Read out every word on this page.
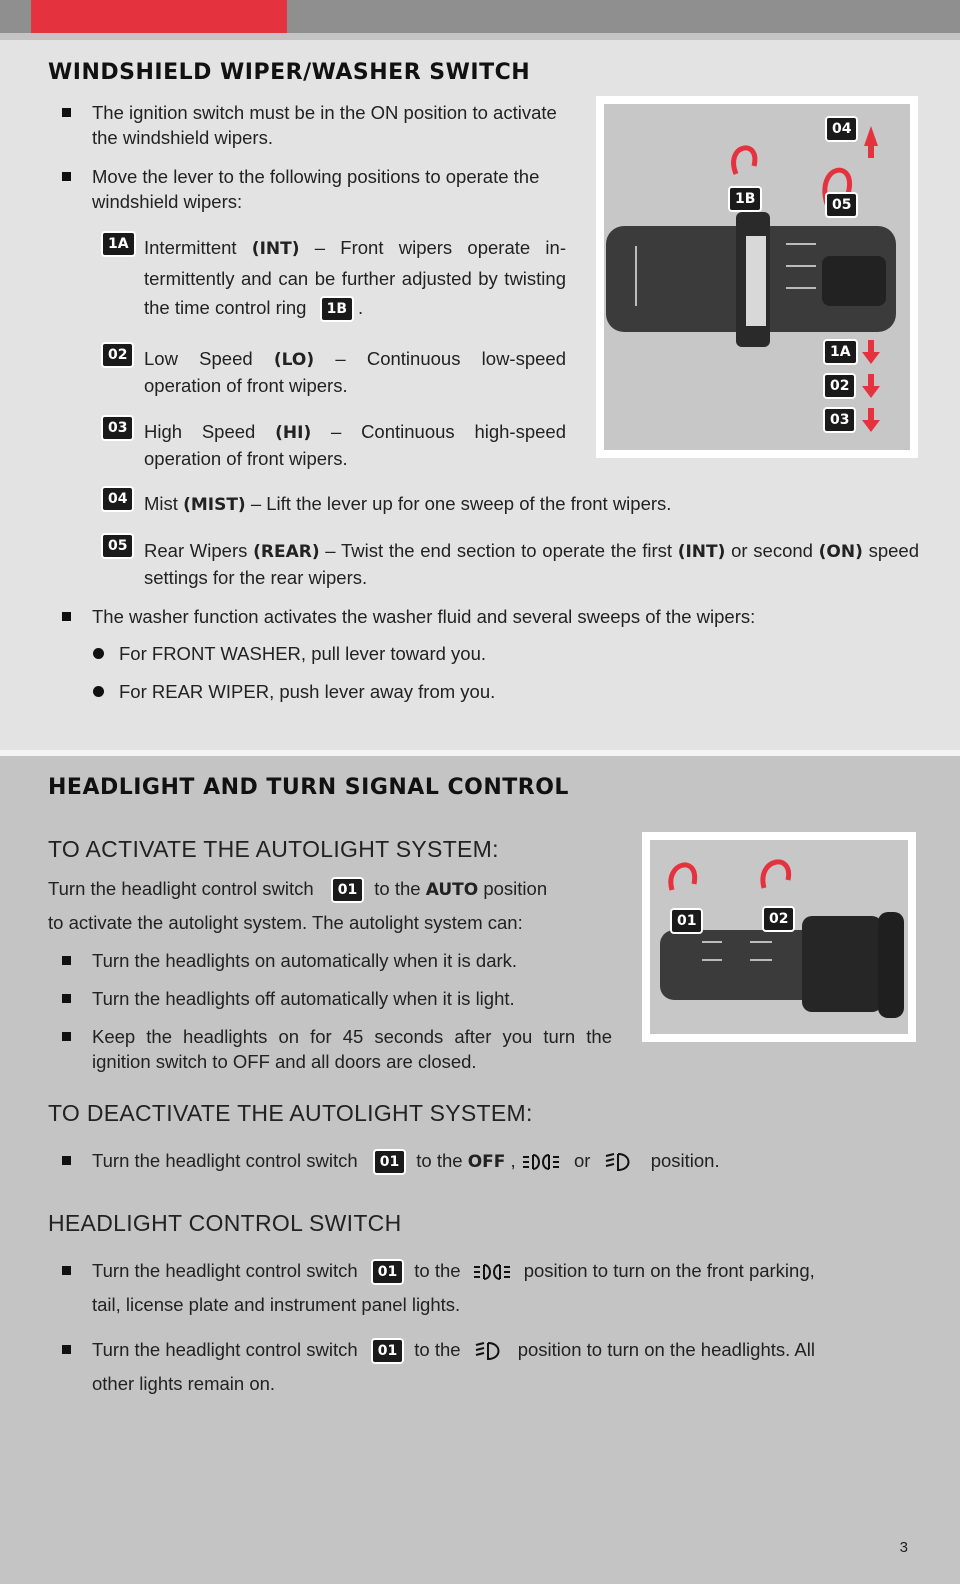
WINDSHIELD WIPER/WASHER SWITCH
The ignition switch must be in the ON position to activate the windshield wipers.
Move the lever to the following positions to operate the windshield wipers:
1A Intermittent (INT) – Front wipers operate in-termittently and can be further adjusted by twisting the time control ring 1B .
02 Low Speed (LO) – Continuous low-speed operation of front wipers.
03 High Speed (HI) – Continuous high-speed operation of front wipers.
04 Mist (MIST) – Lift the lever up for one sweep of the front wipers.
05 Rear Wipers (REAR) – Twist the end section to operate the first (INT) or second (ON) speed settings for the rear wipers.
The washer function activates the washer fluid and several sweeps of the wipers:
For FRONT WASHER, pull lever toward you.
For REAR WIPER, push lever away from you.
04
05
1B
1A
02
03
HEADLIGHT AND TURN SIGNAL CONTROL
TO ACTIVATE THE AUTOLIGHT SYSTEM:
Turn the headlight control switch 01 to the AUTO position
to activate the autolight system. The autolight system can:
Turn the headlights on automatically when it is dark.
Turn the headlights off automatically when it is light.
Keep the headlights on for 45 seconds after you turn the ignition switch to OFF and all doors are closed.
TO DEACTIVATE THE AUTOLIGHT SYSTEM:
Turn the headlight control switch 01 to the OFF ,	or	position.
HEADLIGHT CONTROL SWITCH
Turn the headlight control switch 01 to the	position to turn on the front parking,
tail, license plate and instrument panel lights.
Turn the headlight control switch 01 to the	position to turn on the headlights. All
other lights remain on.
01	02
3
